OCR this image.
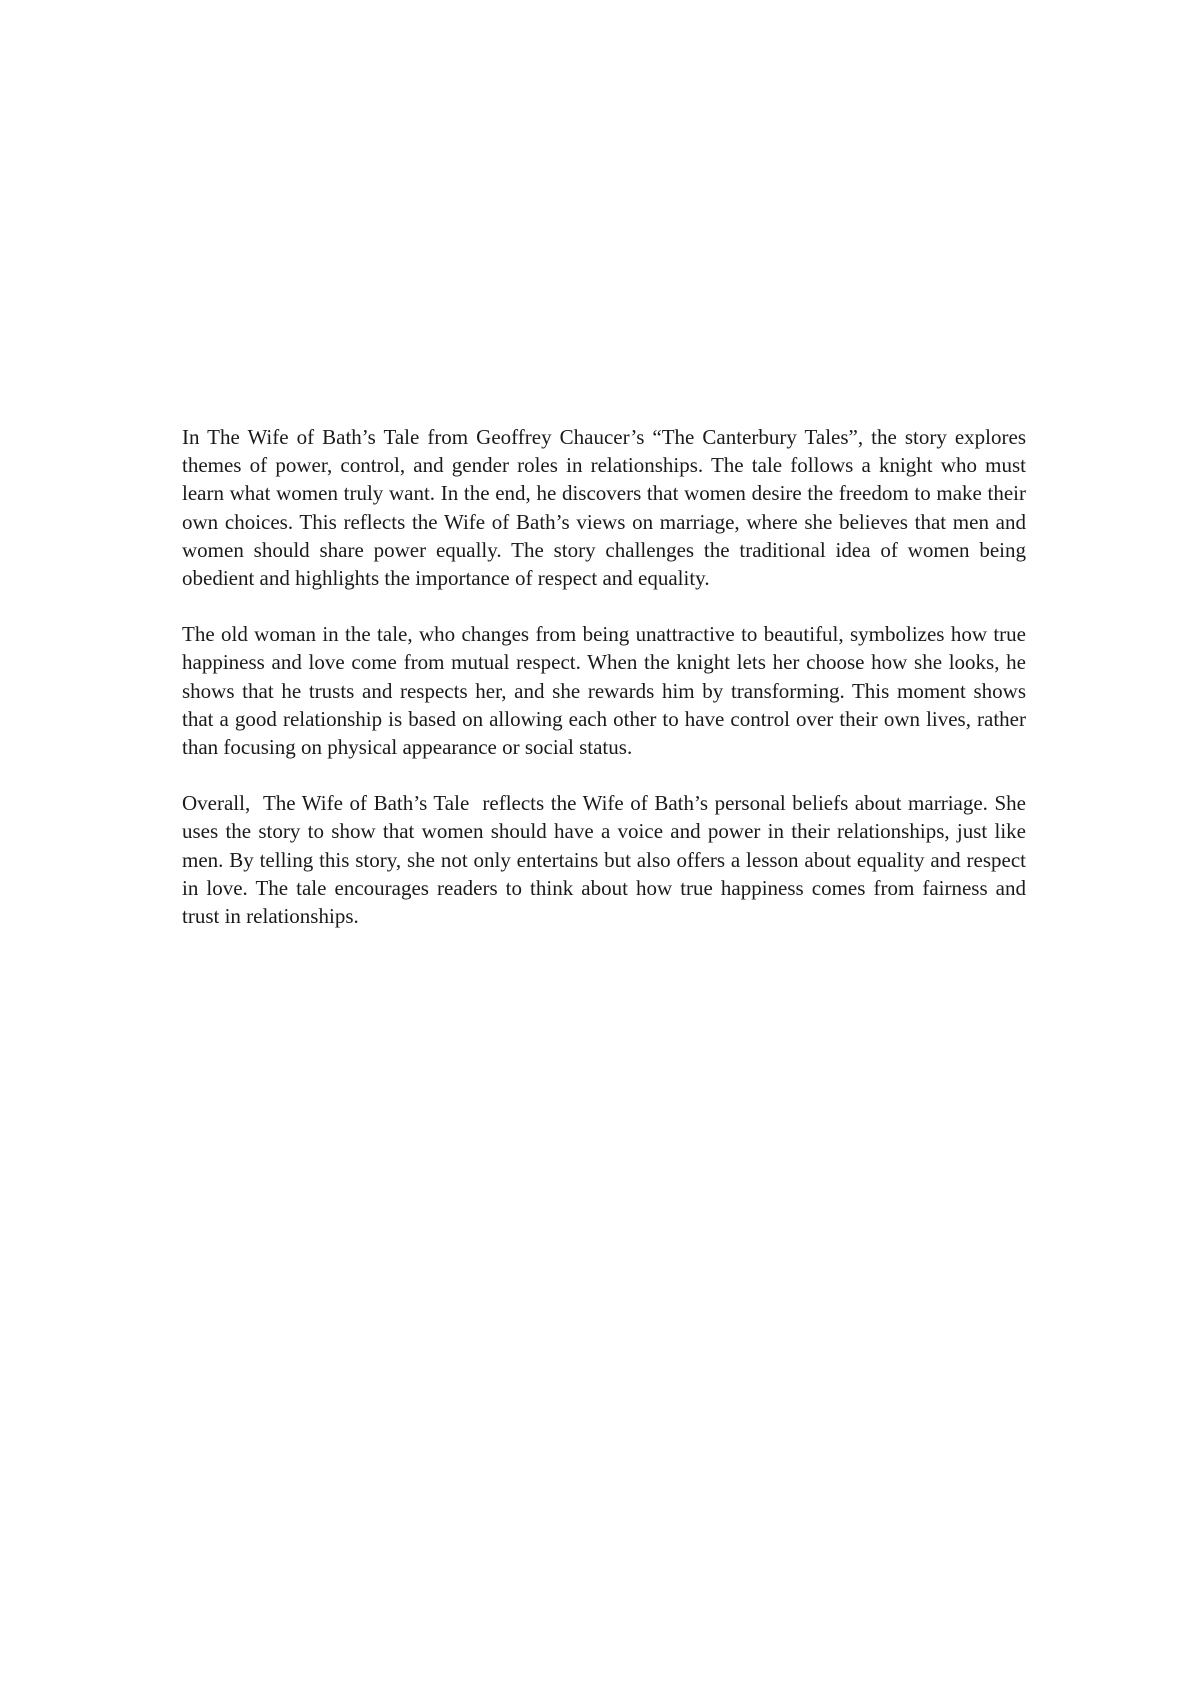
In The Wife of Bath’s Tale from Geoffrey Chaucer’s “The Canterbury Tales”, the story explores themes of power, control, and gender roles in relationships. The tale follows a knight who must learn what women truly want. In the end, he discovers that women desire the freedom to make their own choices. This reflects the Wife of Bath’s views on marriage, where she believes that men and women should share power equally. The story challenges the traditional idea of women being obedient and highlights the importance of respect and equality.

The old woman in the tale, who changes from being unattractive to beautiful, symbolizes how true happiness and love come from mutual respect. When the knight lets her choose how she looks, he shows that he trusts and respects her, and she rewards him by transforming. This moment shows that a good relationship is based on allowing each other to have control over their own lives, rather than focusing on physical appearance or social status.

Overall,  The Wife of Bath’s Tale  reflects the Wife of Bath’s personal beliefs about marriage. She uses the story to show that women should have a voice and power in their relationships, just like men. By telling this story, she not only entertains but also offers a lesson about equality and respect in love. The tale encourages readers to think about how true happiness comes from fairness and trust in relationships.
